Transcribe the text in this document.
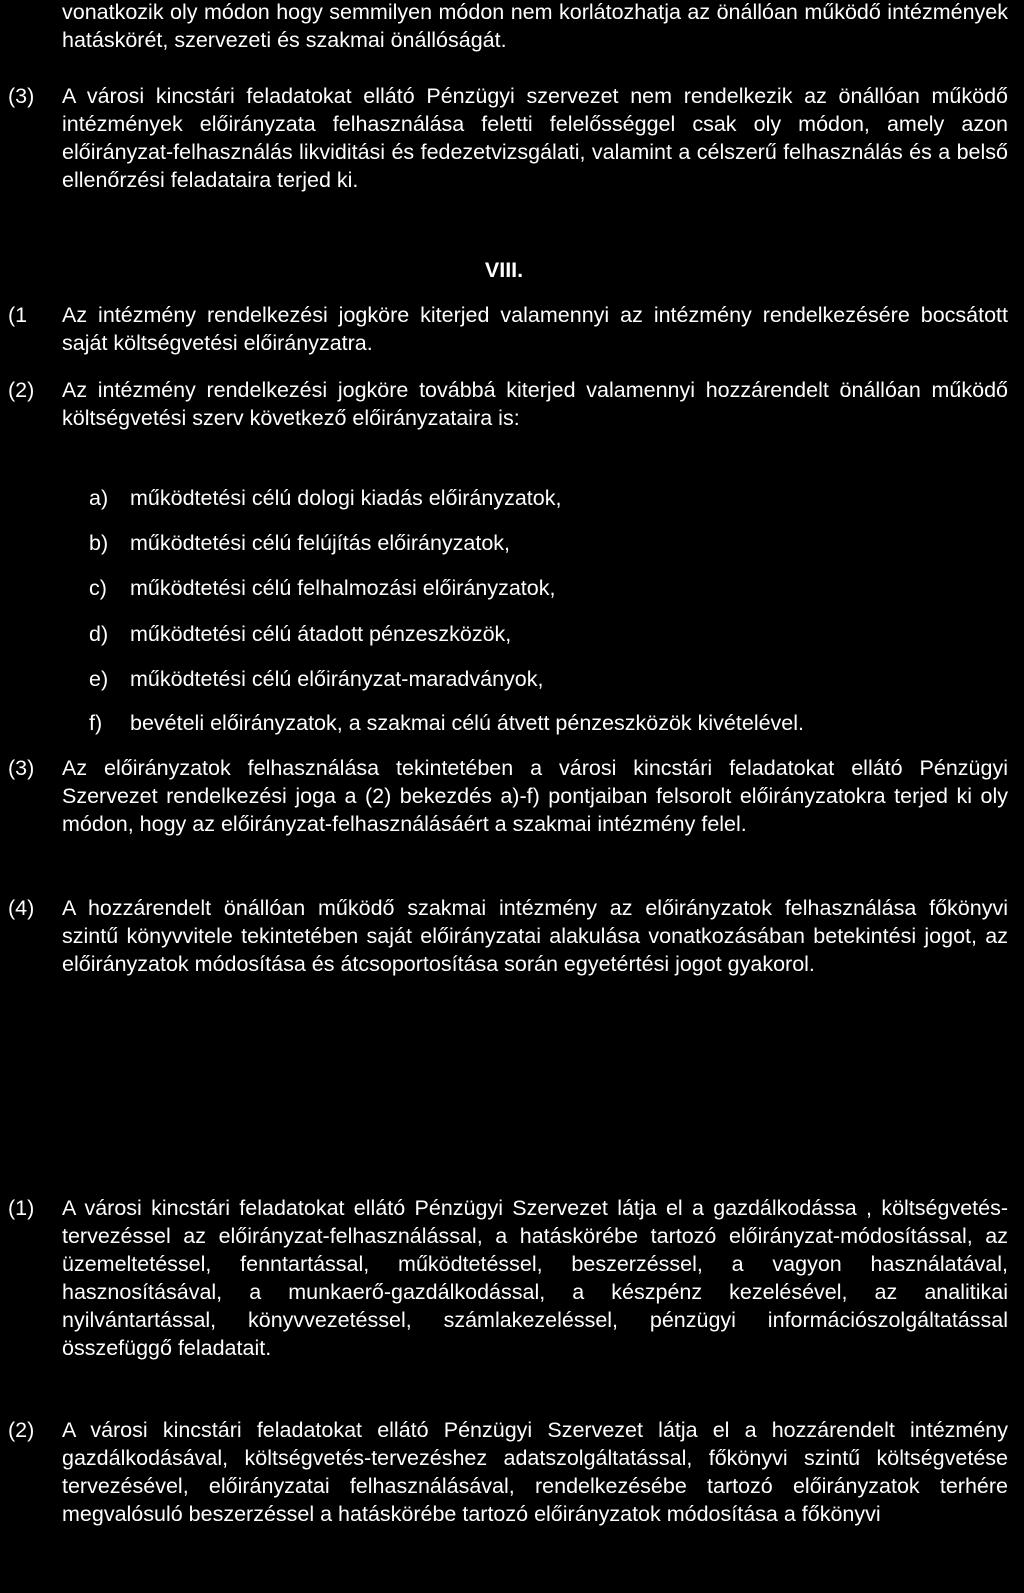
vonatkozik oly módon hogy semmilyen módon nem korlátozhatja az önállóan működő intézmények hatáskörét, szervezeti és szakmai önállóságát.
(3) A városi kincstári feladatokat ellátó Pénzügyi szervezet nem rendelkezik az önállóan működő intézmények előirányzata felhasználása feletti felelősséggel csak oly módon, amely azon előirányzat-felhasználás likviditási és fedezetvizsgálati, valamint a célszerű felhasználás és a belső ellenőrzési feladataira terjed ki.
VIII.
(1 Az intézmény rendelkezési jogköre kiterjed valamennyi az intézmény rendelkezésére bocsátott saját költségvetési előirányzatra.
(2) Az intézmény rendelkezési jogköre továbbá kiterjed valamennyi hozzárendelt önállóan működő költségvetési szerv következő előirányzataira is:
a) működtetési célú dologi kiadás előirányzatok,
b) működtetési célú felújítás előirányzatok,
c) működtetési célú felhalmozási előirányzatok,
d) működtetési célú átadott pénzeszközök,
e) működtetési célú előirányzat-maradványok,
f) bevételi előirányzatok, a szakmai célú átvett pénzeszközök kivételével.
(3) Az előirányzatok felhasználása tekintetében a városi kincstári feladatokat ellátó Pénzügyi Szervezet rendelkezési joga a (2) bekezdés a)-f) pontjaiban felsorolt előirányzatokra terjed ki oly módon, hogy az előirányzat-felhasználásáért a szakmai intézmény felel.
(4) A hozzárendelt önállóan működő szakmai intézmény az előirányzatok felhasználása főkönyvi szintű könyvvitele tekintetében saját előirányzatai alakulása vonatkozásában betekintési jogot, az előirányzatok módosítása és átcsoportosítása során egyetértési jogot gyakorol.
(1) A városi kincstári feladatokat ellátó Pénzügyi Szervezet látja el a gazdálkodássa , költségvetés-tervezéssel az előirányzat-felhasználással, a hatáskörébe tartozó előirányzat-módosítással, az üzemeltetéssel, fenntartással, működtetéssel, beszerzéssel, a vagyon használatával, hasznosításával, a munkaerő-gazdálkodással, a készpénz kezelésével, az analitikai nyilvántartással, könyvvezetéssel, számlakezeléssel, pénzügyi információszolgáltatással összefüggő feladatait.
(2) A városi kincstári feladatokat ellátó Pénzügyi Szervezet látja el a hozzárendelt intézmény gazdálkodásával, költségvetés-tervezéshez adatszolgáltatással, főkönyvi szintű költségvetése tervezésével, előirányzatai felhasználásával, rendelkezésébe tartozó előirányzatok terhére megvalósuló beszerzéssel a hatáskörébe tartozó előirányzatok módosítása a főkönyvi
